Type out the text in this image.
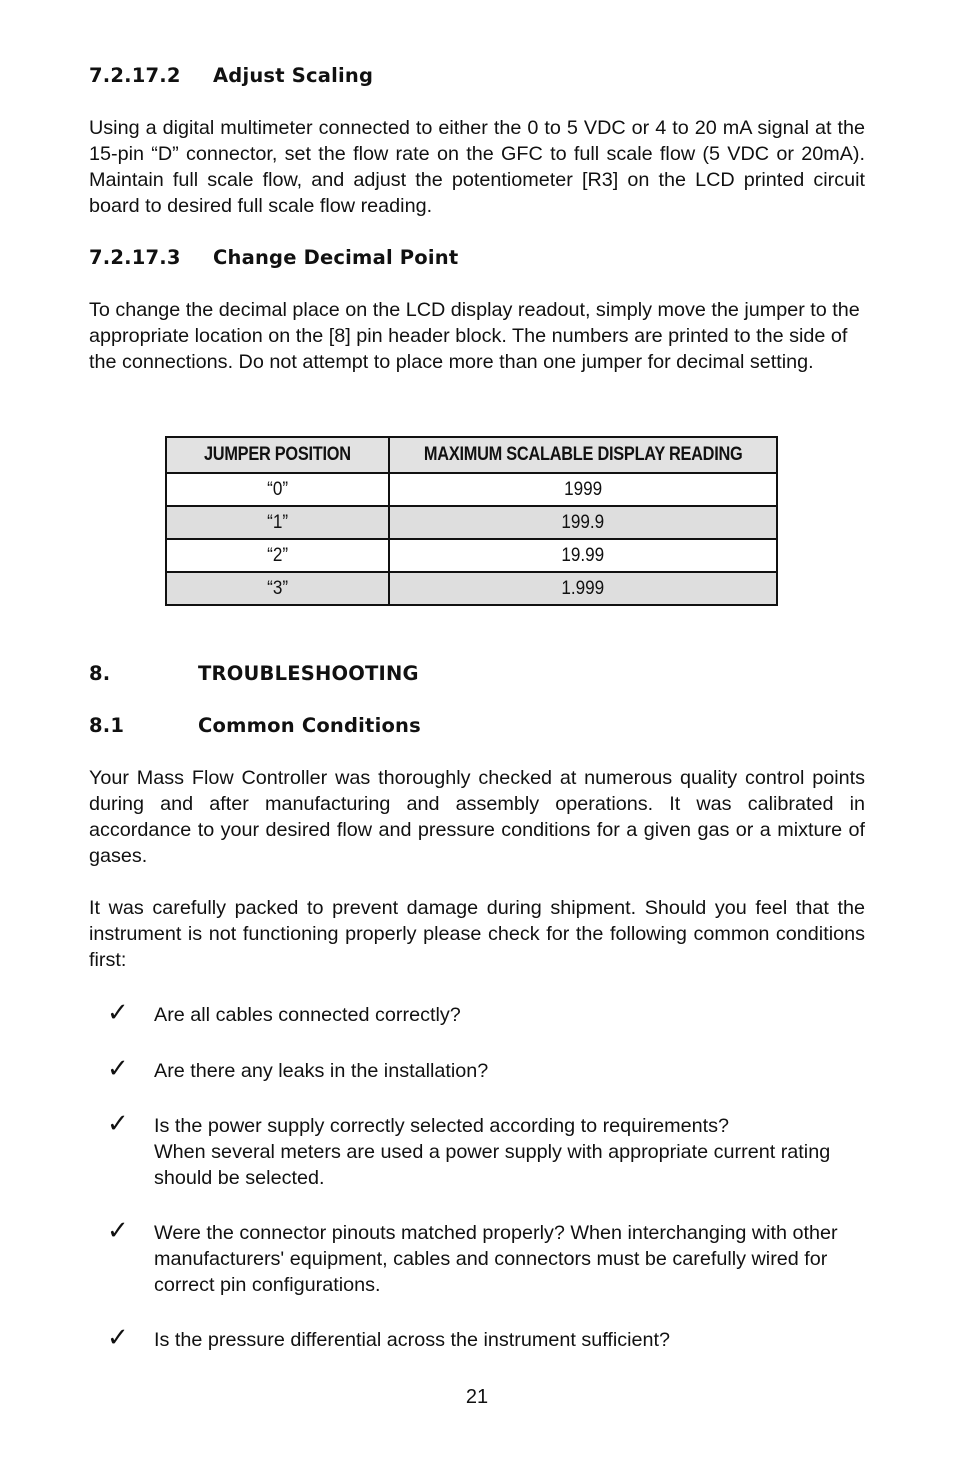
7.2.17.2 Adjust Scaling

Using a digital multimeter connected to either the 0 to 5 VDC or 4 to 20 mA signal at the 15-pin “D” connector, set the flow rate on the GFC to full scale flow (5 VDC or 20mA). Maintain full scale flow, and adjust the potentiometer [R3] on the LCD printed circuit board to desired full scale flow reading.

7.2.17.3 Change Decimal Point

To change the decimal place on the LCD display readout, simply move the jumper to the appropriate location on the [8] pin header block. The numbers are printed to the side of the connections. Do not attempt to place more than one jumper for decimal setting.

JUMPER POSITION	MAXIMUM SCALABLE DISPLAY READING
“0”	1999
“1”	199.9
“2”	19.99
“3”	1.999
8.	TROUBLESHOOTING
8.1	Common Conditions

Your Mass Flow Controller was thoroughly checked at numerous quality control points during and after manufacturing and assembly operations. It was calibrated in accordance to your desired flow and pressure conditions for a given gas or a mixture of gases.

It was carefully packed to prevent damage during shipment. Should you feel that the instrument is not functioning properly please check for the following common conditions first:

✓ Are all cables connected correctly?

✓ Are there any leaks in the installation?

✓ Is the power supply correctly selected according to requirements?
When several meters are used a power supply with appropriate current rating should be selected.

✓ Were the connector pinouts matched properly? When interchanging with other manufacturers' equipment, cables and connectors must be carefully wired for correct pin configurations.

✓ Is the pressure differential across the instrument sufficient?

21
